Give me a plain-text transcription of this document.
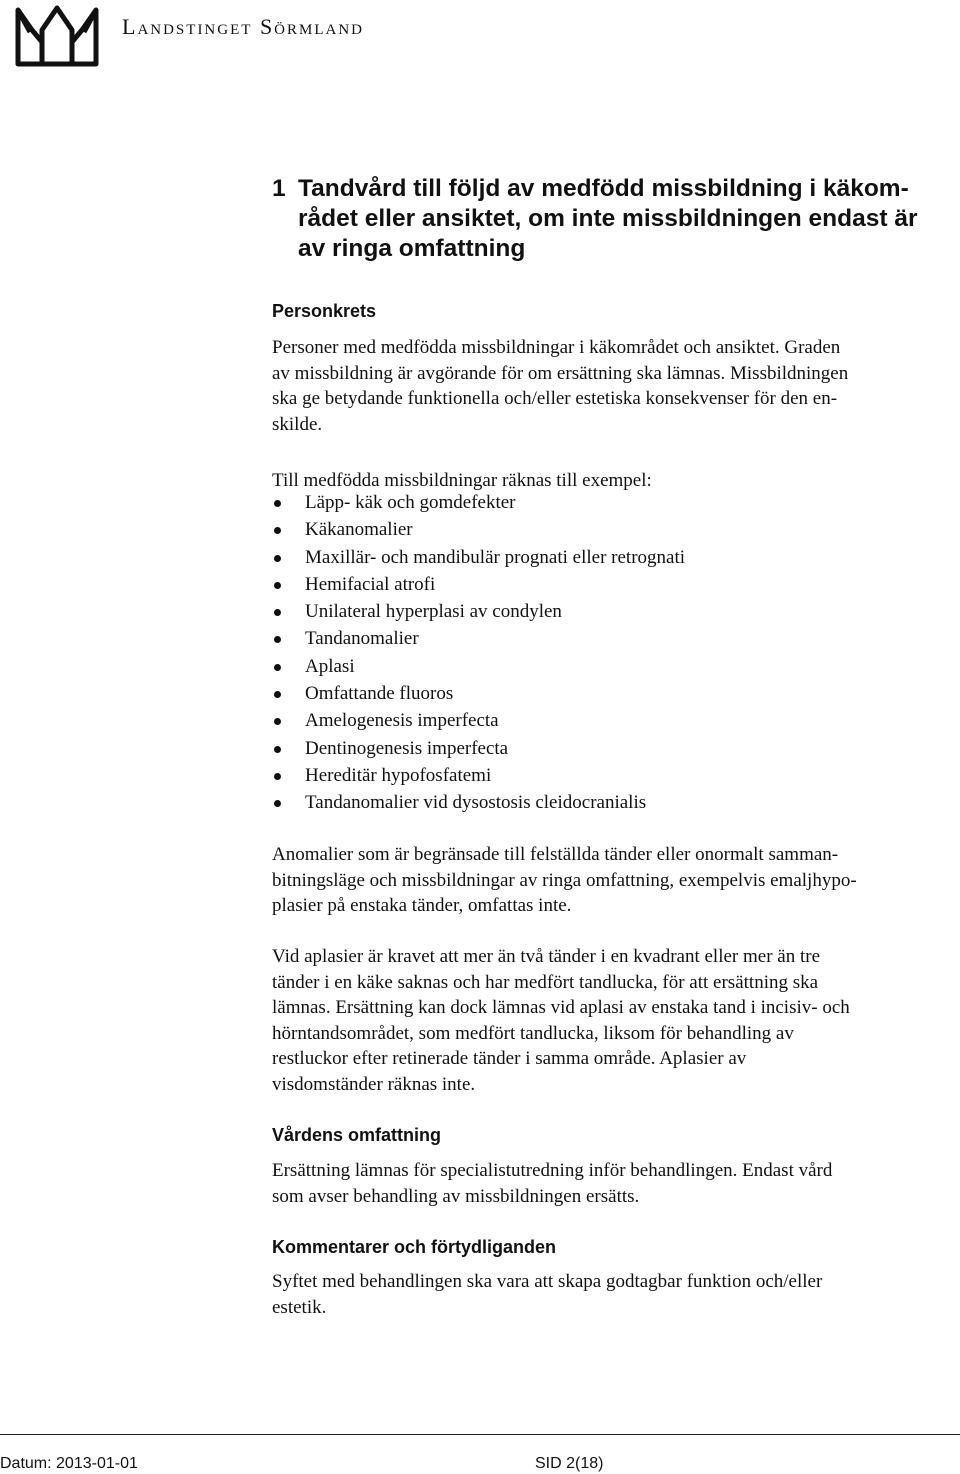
Landstinget Sörmland
1 Tandvård till följd av medfödd missbildning i käkom-
rådet eller ansiktet, om inte missbildningen endast är
av ringa omfattning
Personkrets

Personer med medfödda missbildningar i käkområdet och ansiktet. Graden
av missbildning är avgörande för om ersättning ska lämnas. Missbildningen
ska ge betydande funktionella och/eller estetiska konsekvenser för den en-
skilde.

Till medfödda missbildningar räknas till exempel:

Läpp- käk och gomdefekter
Käkanomalier
Maxillär- och mandibulär prognati eller retrognati
Hemifacial atrofi
Unilateral hyperplasi av condylen
Tandanomalier
Aplasi
Omfattande fluoros
Amelogenesis imperfecta
Dentinogenesis imperfecta
Hereditär hypofosfatemi
Tandanomalier vid dysostosis cleidocranialis

Anomalier som är begränsade till felställda tänder eller onormalt samman-
bitningsläge och missbildningar av ringa omfattning, exempelvis emaljhypo-
plasier på enstaka tänder, omfattas inte.

Vid aplasier är kravet att mer än två tänder i en kvadrant eller mer än tre
tänder i en käke saknas och har medfört tandlucka, för att ersättning ska
lämnas. Ersättning kan dock lämnas vid aplasi av enstaka tand i incisiv- och
hörntandsområdet, som medfört tandlucka, liksom för behandling av
restluckor efter retinerade tänder i samma område. Aplasier av
visdomständer räknas inte.

Vårdens omfattning

Ersättning lämnas för specialistutredning inför behandlingen. Endast vård
som avser behandling av missbildningen ersätts.

Kommentarer och förtydliganden

Syftet med behandlingen ska vara att skapa godtagbar funktion och/eller
estetik.

Datum: 2013-01-01	SID 2(18)
